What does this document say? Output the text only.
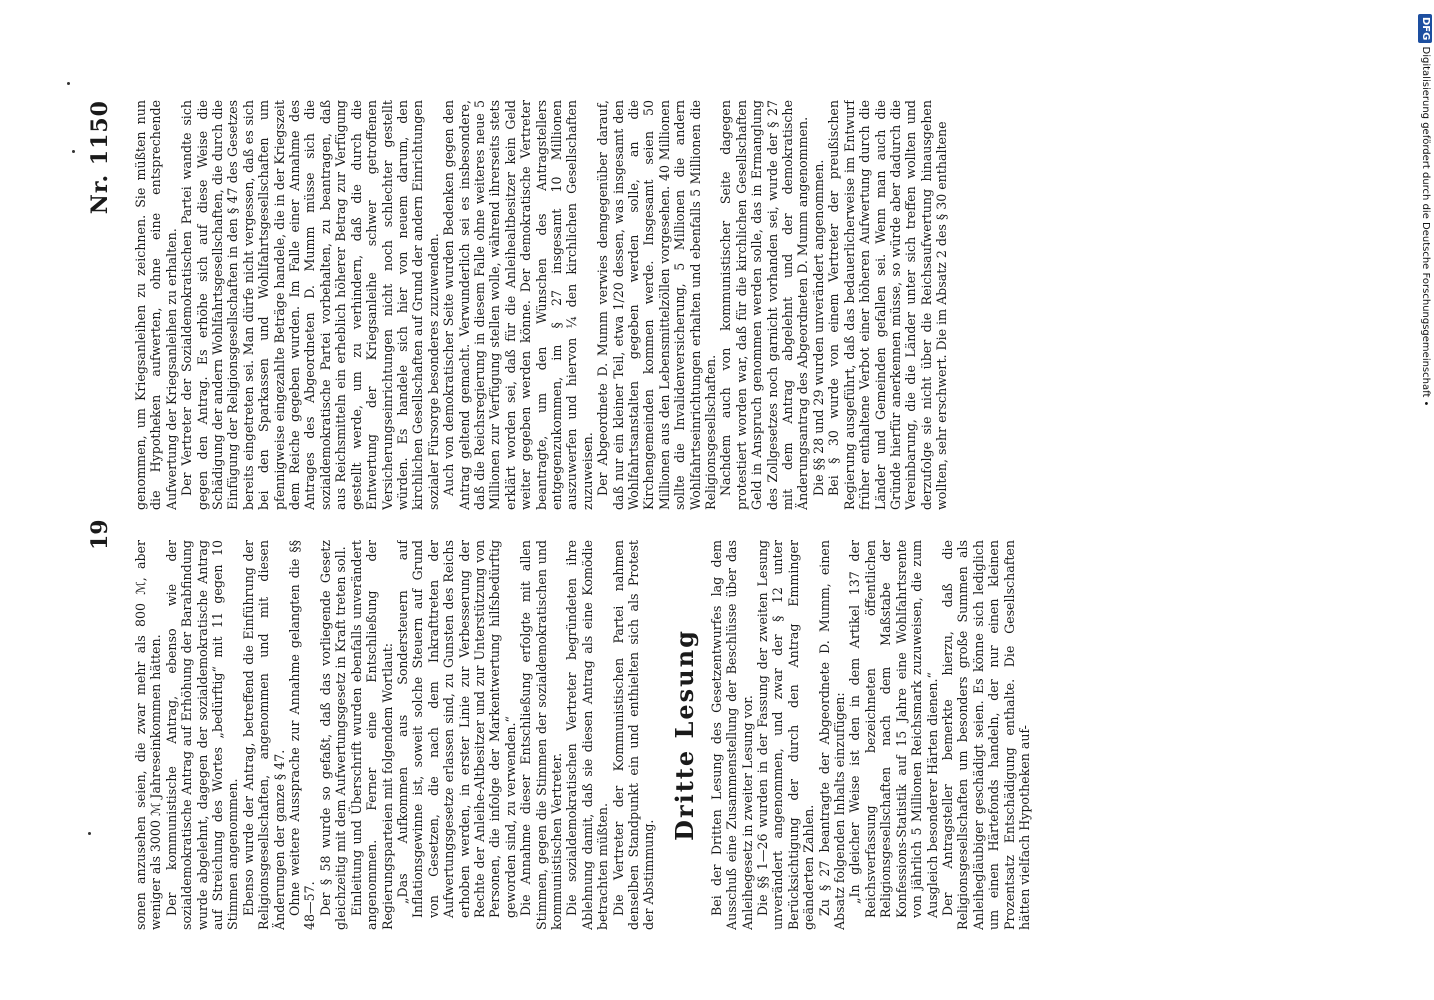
19
Nr. 1150

sonen anzusehen seien, die zwar mehr als 800 ℳ, aber weniger als 3000 ℳ Jahreseinkommen hätten. Der kommunistische Antrag, ebenso wie der sozialdemokratische Antrag auf Erhöhung der Barabfindung wurde abgelehnt, dagegen der sozialdemokratische Antrag auf Streichung des Wortes „bedürftig“ mit 11 gegen 10 Stimmen angenommen. Ebenso wurde der Antrag, betreffend die Einführung der Religionsgesellschaften, angenommen und mit diesen Änderungen der ganze § 47. Ohne weitere Aussprache zur Annahme gelangten die §§ 48—57. Der § 58 wurde so gefaßt, daß das vorliegende Gesetz gleichzeitig mit dem Aufwertungsgesetz in Kraft treten soll. Einleitung und Überschrift wurden ebenfalls unverändert angenommen. Ferner eine Entschließung der Regierungsparteien mit folgendem Wortlaut: „Das Aufkommen aus Sondersteuern auf Inflationsgewinne ist, soweit solche Steuern auf Grund von Gesetzen, die nach dem Inkrafttreten der Aufwertungsgesetze erlassen sind, zu Gunsten des Reichs erhoben werden, in erster Linie zur Verbesserung der Rechte der Anleihe-Altbesitzer und zur Unterstützung von Personen, die infolge der Markentwertung hilfsbedürftig geworden sind, zu verwenden.“ Die Annahme dieser Entschließung erfolgte mit allen Stimmen, gegen die Stimmen der sozialdemokratischen und kommunistischen Vertreter. Die sozialdemokratischen Vertreter begründeten ihre Ablehnung damit, daß sie diesen Antrag als eine Komödie betrachten müßten. Die Vertreter der Kommunistischen Partei nahmen denselben Standpunkt ein und enthielten sich als Protest der Abstimmung.

Dritte Lesung Bei der Dritten Lesung des Gesetzentwurfes lag dem Ausschuß eine Zusammenstellung der Beschlüsse über das Anleihegesetz in zweiter Lesung vor. Die §§ 1—26 wurden in der Fassung der zweiten Lesung unverändert angenommen, und zwar der § 12 unter Berücksichtigung der durch den Antrag Emminger geänderten Zahlen. Zu § 27 beantragte der Abgeordnete D. Mumm, einen Absatz folgenden Inhalts einzufügen: „In gleicher Weise ist den in dem Artikel 137 der Reichsverfassung bezeichneten öffentlichen Religionsgesellschaften nach dem Maßstabe der Konfessions-Statistik auf 15 Jahre eine Wohlfahrtsrente von jährlich 5 Millionen Reichsmark zuzuweisen, die zum Ausgleich besonderer Härten dienen.“ Der Antragsteller bemerkte hierzu, daß die Religionsgesellschaften um besonders große Summen als Anleihegläubiger geschädigt seien. Es könne sich lediglich um einen Härtefonds handeln, der nur einen kleinen Prozentsatz Entschädigung enthalte. Die Gesellschaften hätten vielfach Hypotheken auf-

genommen, um Kriegsanleihen zu zeichnen. Sie müßten nun die Hypotheken aufwerten, ohne eine entsprechende Aufwertung der Kriegsanleihen zu erhalten. Der Vertreter der Sozialdemokratischen Partei wandte sich gegen den Antrag. Es erhöhe sich auf diese Weise die Schädigung der andern Wohlfahrtsgesellschaften, die durch die Einfügung der Religionsgesellschaften in den § 47 des Gesetzes bereits eingetreten sei. Man dürfe nicht vergessen, daß es sich bei den Sparkassen und Wohlfahrtsgesellschaften um pfennigweise eingezahlte Beträge handele, die in der Kriegszeit dem Reiche gegeben wurden. Im Falle einer Annahme des Antrages des Abgeordneten D. Mumm müsse sich die sozialdemokratische Partei vorbehalten, zu beantragen, daß aus Reichsmitteln ein erheblich höherer Betrag zur Verfügung gestellt werde, um zu verhindern, daß die durch die Entwertung der Kriegsanleihe schwer getroffenen Versicherungseinrichtungen nicht noch schlechter gestellt würden. Es handele sich hier von neuem darum, den kirchlichen Gesellschaften auf Grund der andern Einrichtungen sozialer Fürsorge besonderes zuzuwenden. Auch von demokratischer Seite wurden Bedenken gegen den Antrag geltend gemacht. Verwunderlich sei es insbesondere, daß die Reichsregierung in diesem Falle ohne weiteres neue 5 Millionen zur Verfügung stellen wolle, während ihrerseits stets erklärt worden sei, daß für die Anleihealtbesitzer kein Geld weiter gegeben werden könne. Der demokratische Vertreter beantragte, um den Wünschen des Antragstellers entgegenzukommen, im § 27 insgesamt 10 Millionen auszuwerfen und hiervon ¼ den kirchlichen Gesellschaften zuzuweisen. Der Abgeordnete D. Mumm verwies demgegenüber darauf, daß nur ein kleiner Teil, etwa 1/20 dessen, was insgesamt den Wohlfahrtsanstalten gegeben werden solle, an die Kirchengemeinden kommen werde. Insgesamt seien 50 Millionen aus den Lebensmittelzöllen vorgesehen. 40 Millionen sollte die Invalidenversicherung, 5 Millionen die andern Wohlfahrtseinrichtungen erhalten und ebenfalls 5 Millionen die Religionsgesellschaften. Nachdem auch von kommunistischer Seite dagegen protestiert worden war, daß für die kirchlichen Gesellschaften Geld in Anspruch genommen werden solle, das in Ermanglung des Zollgesetzes noch garnicht vorhanden sei, wurde der § 27 mit dem Antrag abgelehnt und der demokratische Änderungsantrag des Abgeordneten D. Mumm angenommen. Die §§ 28 und 29 wurden unverändert angenommen. Bei § 30 wurde von einem Vertreter der preußischen Regierung ausgeführt, daß das bedauerlicherweise im Entwurf früher enthaltene Verbot einer höheren Aufwertung durch die Länder und Gemeinden gefallen sei. Wenn man auch die Gründe hierfür anerkennen müsse, so würde aber dadurch die Vereinbarung, die die Länder unter sich treffen wollten und derzufolge sie nicht über die Reichsaufwertung hinausgehen wollten, sehr erschwert. Die im Absatz 2 des § 30 enthaltene

DFG Digitalisierung gefördert durch die Deutsche Forschungsgemeinschaft •
